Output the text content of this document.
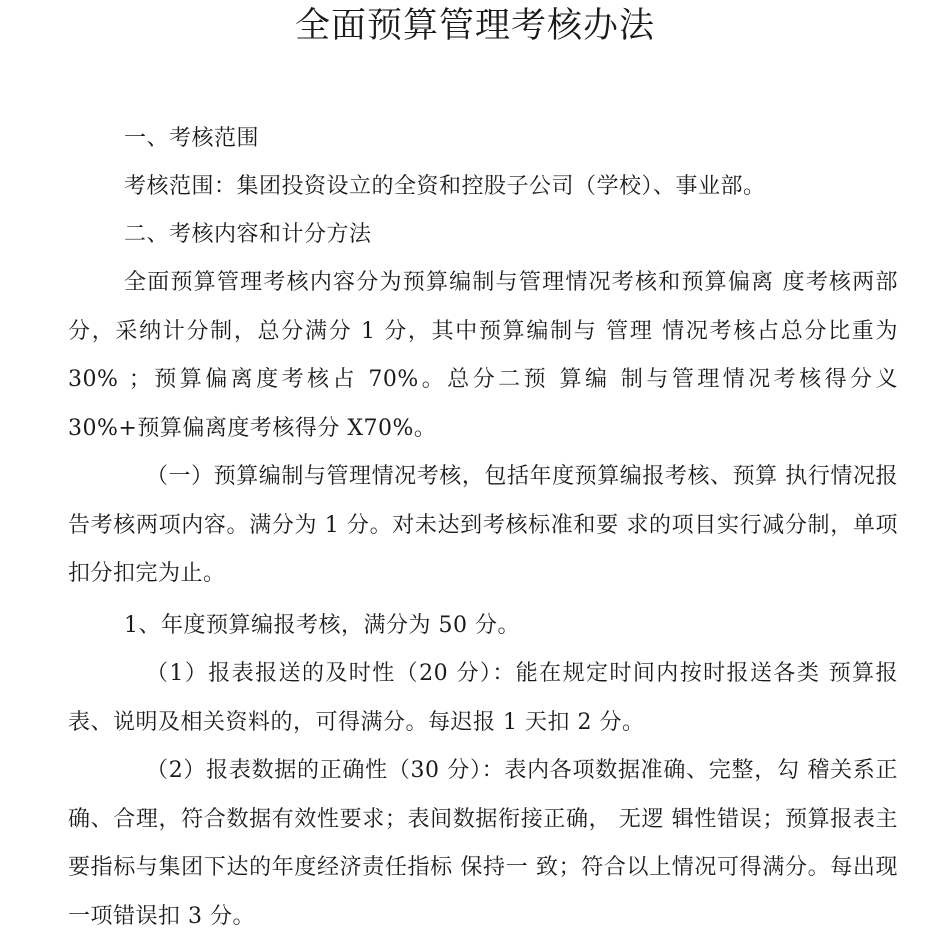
全面预算管理考核办法

一、考核范围

考核范围：集团投资设立的全资和控股子公司（学校）、事业部。

二、考核内容和计分方法

全面预算管理考核内容分为预算编制与管理情况考核和预算偏离 度考核两部分，采纳计分制，总分满分 1 分，其中预算编制与 管理 情况考核占总分比重为 30% ；预算偏离度考核占 70%。总分二预 算编 制与管理情况考核得分义 30%+预算偏离度考核得分 X70%。

（一）预算编制与管理情况考核，包括年度预算编报考核、预算 执行情况报告考核两项内容。满分为 1 分。对未达到考核标准和要 求的项目实行减分制，单项扣分扣完为止。

1、年度预算编报考核，满分为 50 分。

（1）报表报送的及时性（20 分）：能在规定时间内按时报送各类 预算报表、说明及相关资料的，可得满分。每迟报 1 天扣 2 分。

（2）报表数据的正确性（30 分）：表内各项数据准确、完整，勾 稽关系正确、合理，符合数据有效性要求；表间数据衔接正确， 无逻 辑性错误；预算报表主要指标与集团下达的年度经济责任指标 保持一 致；符合以上情况可得满分。每出现一项错误扣 3 分。
